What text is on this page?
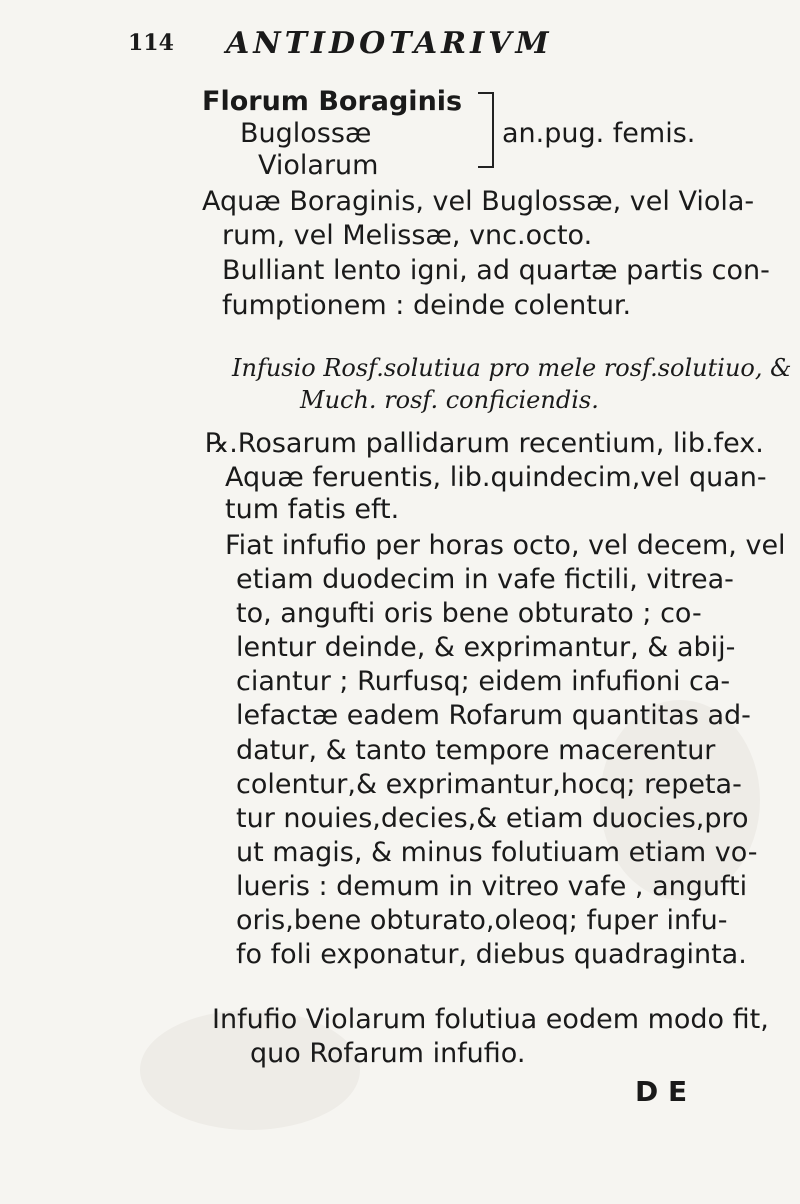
114 ANTIDOTARIVM
Florum Boraginis
Buglossæ
Violarum
an.pug. femis.
Aquæ Boraginis, vel Buglossæ, vel Viola-
rum, vel Melissæ, vnc.octo.
Bulliant lento igni, ad quartæ partis con-
fumptionem : deinde colentur.
Infusio Rosf.solutiua pro mele rosf.solutiuo, &
Much. rosf. conficiendis.
℞.Rosarum pallidarum recentium, lib.fex.
Aquæ feruentis, lib.quindecim,vel quan-
tum fatis eft.
Fiat infufio per horas octo, vel decem, vel
etiam duodecim in vafe fictili, vitrea-
to, angufti oris bene obturato ; co-
lentur deinde, & exprimantur, & abij-
ciantur ; Rurfusq; eidem infufioni ca-
lefactæ eadem Rofarum quantitas ad-
datur, & tanto tempore macerentur
colentur,& exprimantur,hocq; repeta-
tur nouies,decies,& etiam duocies,pro
ut magis, & minus folutiuam etiam vo-
lueris : demum in vitreo vafe , angufti
oris,bene obturato,oleoq; fuper infu-
fo foli exponatur, diebus quadraginta.
Infufio Violarum folutiua eodem modo fit,
quo Rofarum infufio.
D E
